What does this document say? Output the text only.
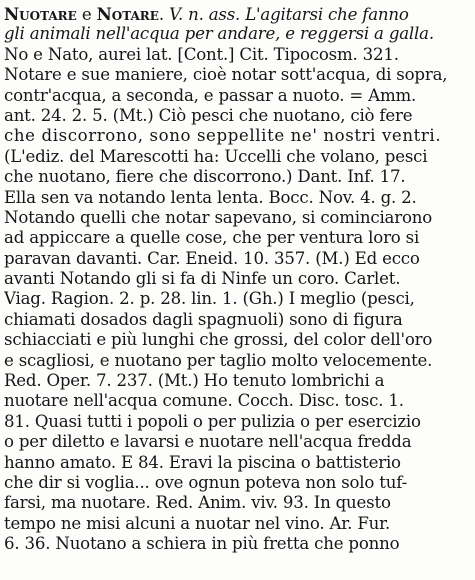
Nuotare e Notare. V. n. ass. L'agitarsi che fanno
gli animali nell'acqua per andare, e reggersi a galla.
No e Nato, aurei lat. [Cont.] Cit. Tipocosm. 321.
Notare e sue maniere, cioè notar sott'acqua, di sopra,
contr'acqua, a seconda, e passar a nuoto. = Amm.
ant. 24. 2. 5. (Mt.) Ciò pesci che nuotano, ciò fere
che discorrono, sono seppellite ne' nostri ventri.
(L'ediz. del Marescotti ha: Uccelli che volano, pesci
che nuotano, fiere che discorrono.) Dant. Inf. 17.
Ella sen va notando lenta lenta. Bocc. Nov. 4. g. 2.
Notando quelli che notar sapevano, si cominciarono
ad appiccare a quelle cose, che per ventura loro si
paravan davanti. Car. Eneid. 10. 357. (M.) Ed ecco
avanti Notando gli si fa di Ninfe un coro. Carlet.
Viag. Ragion. 2. p. 28. lin. 1. (Gh.) I meglio (pesci,
chiamati dosados dagli spagnuoli) sono di figura
schiacciati e più lunghi che grossi, del color dell'oro
e scagliosi, e nuotano per taglio molto velocemente.
Red. Oper. 7. 237. (Mt.) Ho tenuto lombrichi a
nuotare nell'acqua comune. Cocch. Disc. tosc. 1.
81. Quasi tutti i popoli o per pulizia o per esercizio
o per diletto e lavarsi e nuotare nell'acqua fredda
hanno amato. E 84. Eravi la piscina o battisterio
che dir si voglia... ove ognun poteva non solo tuf-
farsi, ma nuotare. Red. Anim. viv. 93. In questo
tempo ne misi alcuni a nuotar nel vino. Ar. Fur.
6. 36. Nuotano a schiera in più fretta che ponno
